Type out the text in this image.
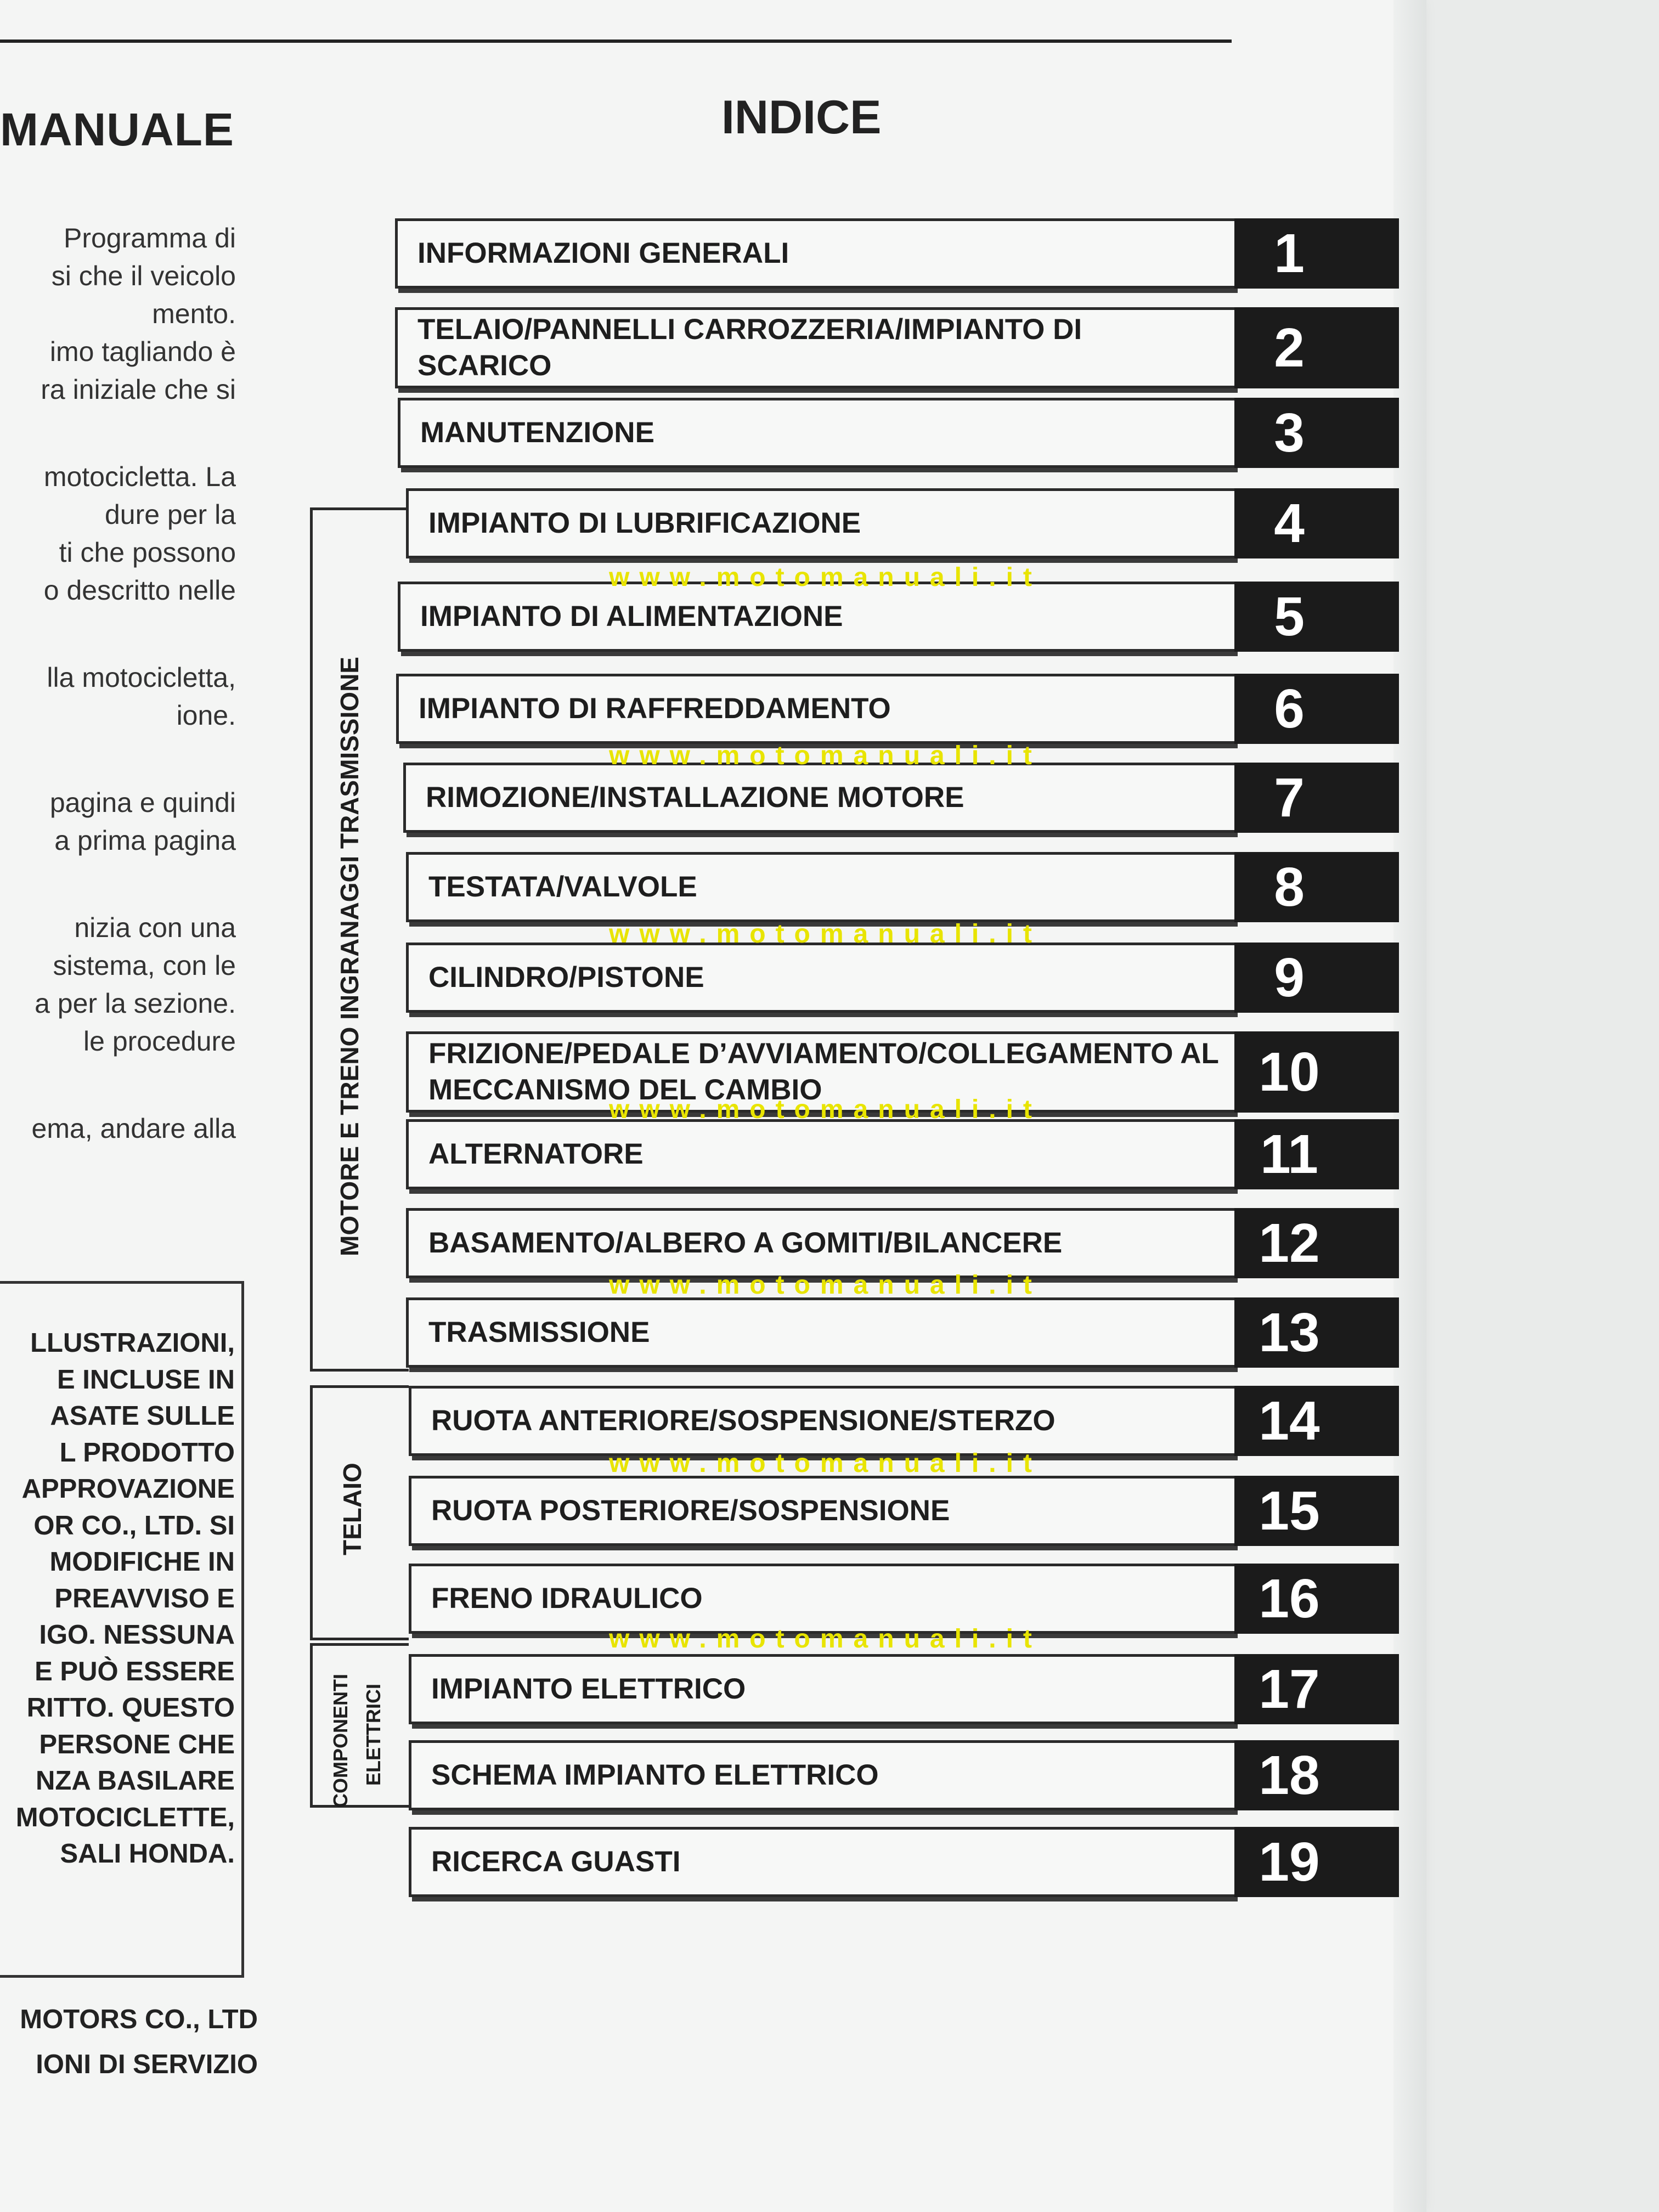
MANUALE	INDICE
Programma di
si che il veicolo
mento.
imo tagliando è
ra iniziale che si
motocicletta. La
dure per la
ti che possono
o descritto nelle
lla motocicletta,
ione.
pagina e quindi
a prima pagina
nizia con una
sistema, con le
a per la sezione.
le procedure
ema, andare alla
LLUSTRAZIONI,
E INCLUSE IN
ASATE SULLE
L PRODOTTO
APPROVAZIONE
OR CO., LTD. SI
MODIFICHE IN
PREAVVISO E
IGO. NESSUNA
E PUÒ ESSERE
RITTO. QUESTO
PERSONE CHE
NZA BASILARE
MOTOCICLETTE,
SALI HONDA.
MOTORS CO., LTD
IONI DI SERVIZIO
MOTORE E TRENO INGRANAGGI TRASMISSIONE
TELAIO
COMPONENTI ELETTRICI
INFORMAZIONI GENERALI	1
TELAIO/PANNELLI CARROZZERIA/IMPIANTO DI SCARICO	2
MANUTENZIONE	3
IMPIANTO DI LUBRIFICAZIONE	4
IMPIANTO DI ALIMENTAZIONE	5
IMPIANTO DI RAFFREDDAMENTO	6
RIMOZIONE/INSTALLAZIONE MOTORE	7
TESTATA/VALVOLE	8
CILINDRO/PISTONE	9
FRIZIONE/PEDALE D’AVVIAMENTO/COLLEGAMENTO AL MECCANISMO DEL CAMBIO	10
ALTERNATORE	11
BASAMENTO/ALBERO A GOMITI/BILANCERE	12
TRASMISSIONE	13
RUOTA ANTERIORE/SOSPENSIONE/STERZO	14
RUOTA POSTERIORE/SOSPENSIONE	15
FRENO IDRAULICO	16
IMPIANTO ELETTRICO	17
SCHEMA IMPIANTO ELETTRICO	18
RICERCA GUASTI	19
www.motomanuali.it
www.motomanuali.it
www.motomanuali.it
www.motomanuali.it
www.motomanuali.it
www.motomanuali.it
www.motomanuali.it
